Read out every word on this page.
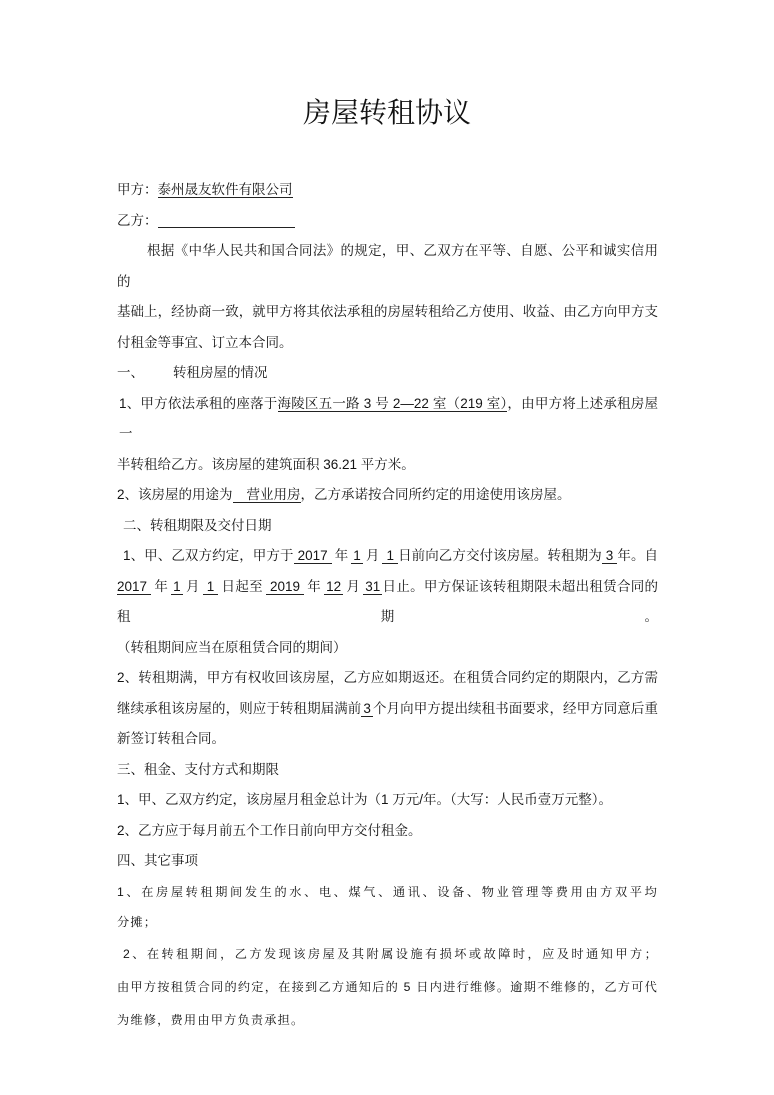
房屋转租协议
甲方：泰州晟友软件有限公司
乙方：
根据《中华人民共和国合同法》的规定，甲、乙双方在平等、自愿、公平和诚实信用的
基础上，经协商一致，就甲方将其依法承租的房屋转租给乙方使用、收益、由乙方向甲方支
付租金等事宜、订立本合同。
一、 转租房屋的情况
1、甲方依法承租的座落于海陵区五一路 3 号 2—22 室（219 室），由甲方将上述承租房屋一
半转租给乙方。该房屋的建筑面积 36.21 平方米。
2、该房屋的用途为 营业用房，乙方承诺按合同所约定的用途使用该房屋。
二、转租期限及交付日期
1、甲、乙双方约定，甲方于 2017 年 1 月 1 日前向乙方交付该房屋。转租期为 3 年。自
2017 年 1 月 1 日起至 2019 年 12 月 31 日止。甲方保证该转租期限未超出租赁合同的租期。
（转租期间应当在原租赁合同的期间）
2、转租期满，甲方有权收回该房屋，乙方应如期返还。在租赁合同约定的期限内，乙方需
继续承租该房屋的，则应于转租期届满前 3 个月向甲方提出续租书面要求，经甲方同意后重
新签订转租合同。
三、租金、支付方式和期限
1、甲、乙双方约定，该房屋月租金总计为（1 万元/年。（大写：人民币壹万元整）。
2、乙方应于每月前五个工作日前向甲方交付租金。
四、其它事项
1、在房屋转租期间发生的水、电、煤气、通讯、设备、物业管理等费用由方双平均
分摊；
2、在转租期间，乙方发现该房屋及其附属设施有损坏或故障时，应及时通知甲方；
由甲方按租赁合同的约定，在接到乙方通知后的 5 日内进行维修。逾期不维修的，乙方可代
为维修，费用由甲方负责承担。
